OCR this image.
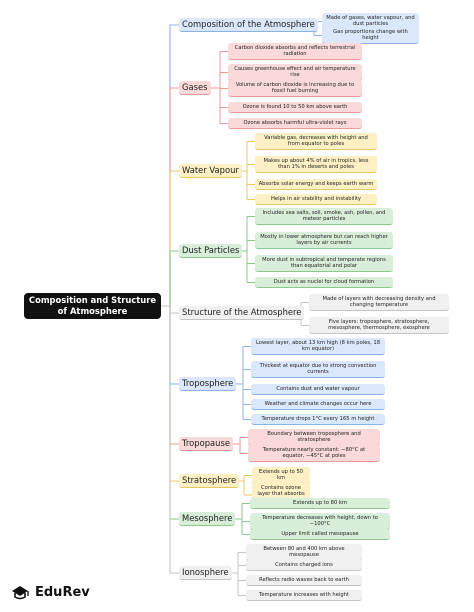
Composition and Structure of Atmosphere
Composition of the Atmosphere
Made of gases, water vapour, and dust particles
Gas proportions change with height
Gases
Carbon dioxide absorbs and reflects terrestrial radiation
Causes greenhouse effect and air temperature rise
Volume of carbon dioxide is increasing due to fossil fuel burning
Ozone is found 10 to 50 km above earth
Ozone absorbs harmful ultra-violet rays
Water Vapour
Variable gas, decreases with height and from equator to poles
Makes up about 4% of air in tropics, less than 1% in deserts and poles
Absorbs solar energy and keeps earth warm
Helps in air stability and instability
Dust Particles
Includes sea salts, soil, smoke, ash, pollen, and meteor particles
Mostly in lower atmosphere but can reach higher layers by air currents
More dust in subtropical and temperate regions than equatorial and polar
Dust acts as nuclei for cloud formation
Structure of the Atmosphere
Made of layers with decreasing density and changing temperature
Five layers: troposphere, stratosphere, mesosphere, thermosphere, exosphere
Troposphere
Lowest layer, about 13 km high (8 km poles, 18 km equator)
Thickest at equator due to strong convection currents
Contains dust and water vapour
Weather and climate changes occur here
Temperature drops 1°C every 165 m height
Tropopause
Boundary between troposphere and stratosphere
Temperature nearly constant: −80°C at equator, −45°C at poles
Stratosphere
Extends up to 50 km
Contains ozone layer that absorbs
Mesosphere
Extends up to 80 km
Temperature decreases with height, down to −100°C
Upper limit called mesopause
Ionosphere
Between 80 and 400 km above mesopause
Contains charged ions
Reflects radio waves back to earth
Temperature increases with height
EduRev
